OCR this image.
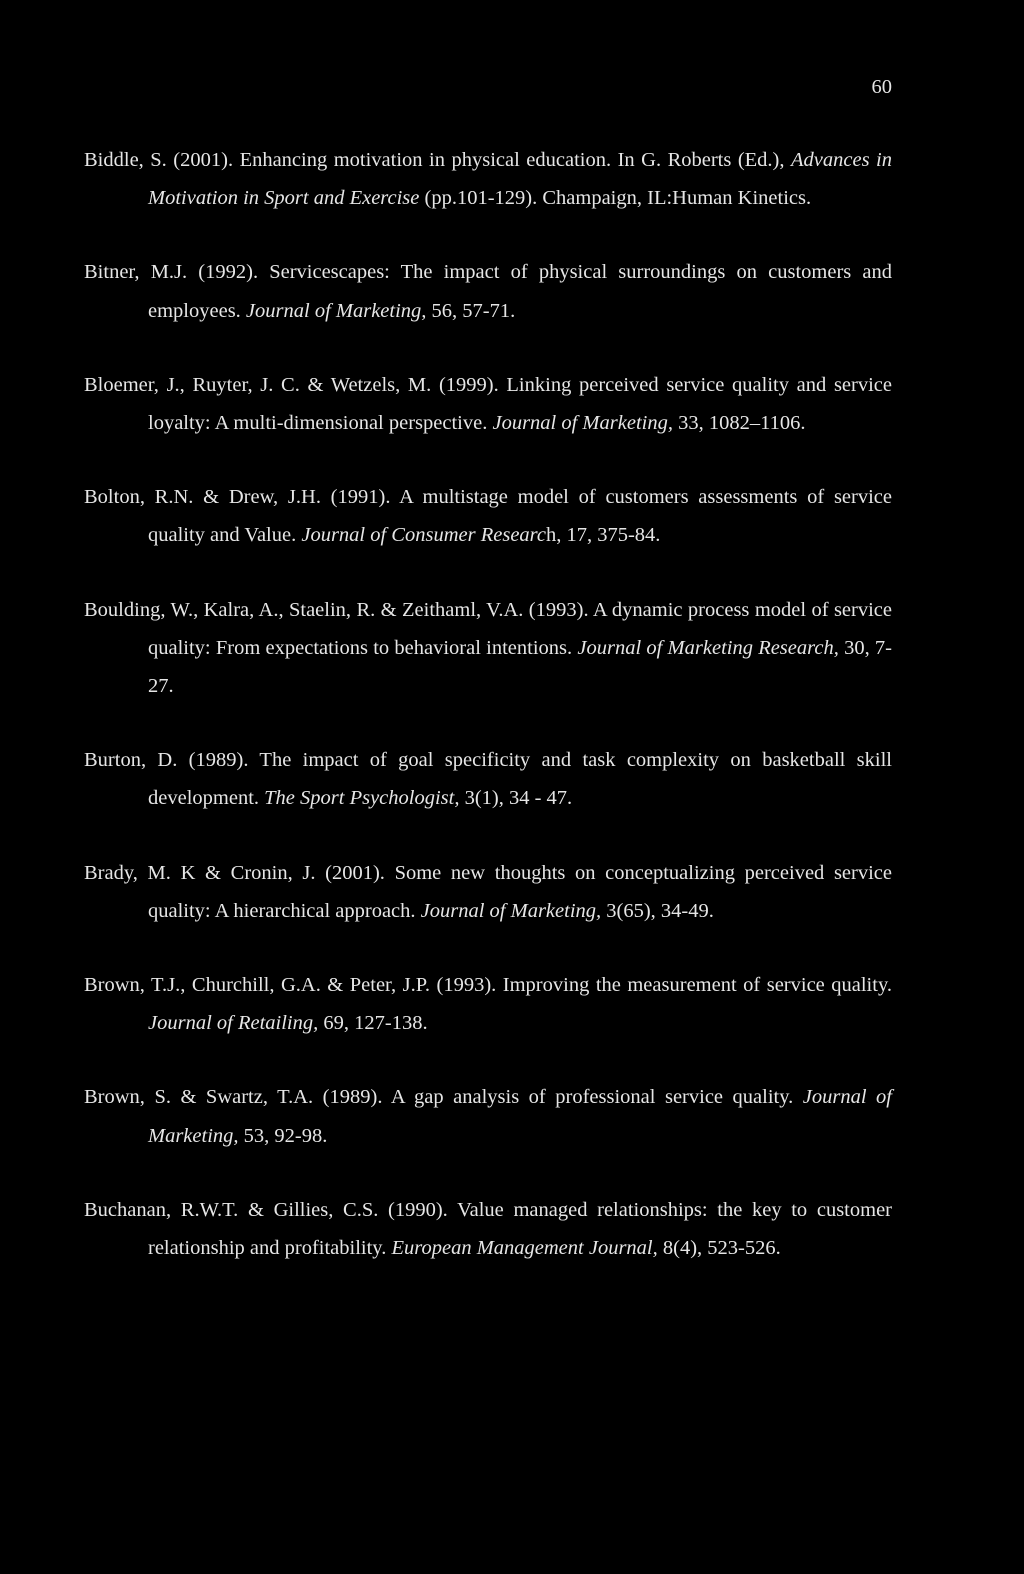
60
Biddle, S. (2001). Enhancing motivation in physical education. In G. Roberts (Ed.), Advances in Motivation in Sport and Exercise (pp.101-129). Champaign, IL:Human Kinetics.
Bitner, M.J. (1992). Servicescapes: The impact of physical surroundings on customers and employees. Journal of Marketing, 56, 57-71.
Bloemer, J., Ruyter, J. C. & Wetzels, M. (1999). Linking perceived service quality and service loyalty: A multi-dimensional perspective. Journal of Marketing, 33, 1082–1106.
Bolton, R.N. & Drew, J.H. (1991). A multistage model of customers assessments of service quality and Value. Journal of Consumer Research, 17, 375-84.
Boulding, W., Kalra, A., Staelin, R. & Zeithaml, V.A. (1993). A dynamic process model of service quality: From expectations to behavioral intentions. Journal of Marketing Research, 30, 7-27.
Burton, D. (1989). The impact of goal specificity and task complexity on basketball skill development. The Sport Psychologist, 3(1), 34 - 47.
Brady, M. K & Cronin, J. (2001). Some new thoughts on conceptualizing perceived service quality: A hierarchical approach. Journal of Marketing, 3(65), 34-49.
Brown, T.J., Churchill, G.A. & Peter, J.P. (1993). Improving the measurement of service quality. Journal of Retailing, 69, 127-138.
Brown, S. & Swartz, T.A. (1989). A gap analysis of professional service quality. Journal of Marketing, 53, 92-98.
Buchanan, R.W.T. & Gillies, C.S. (1990). Value managed relationships: the key to customer relationship and profitability. European Management Journal, 8(4), 523-526.
